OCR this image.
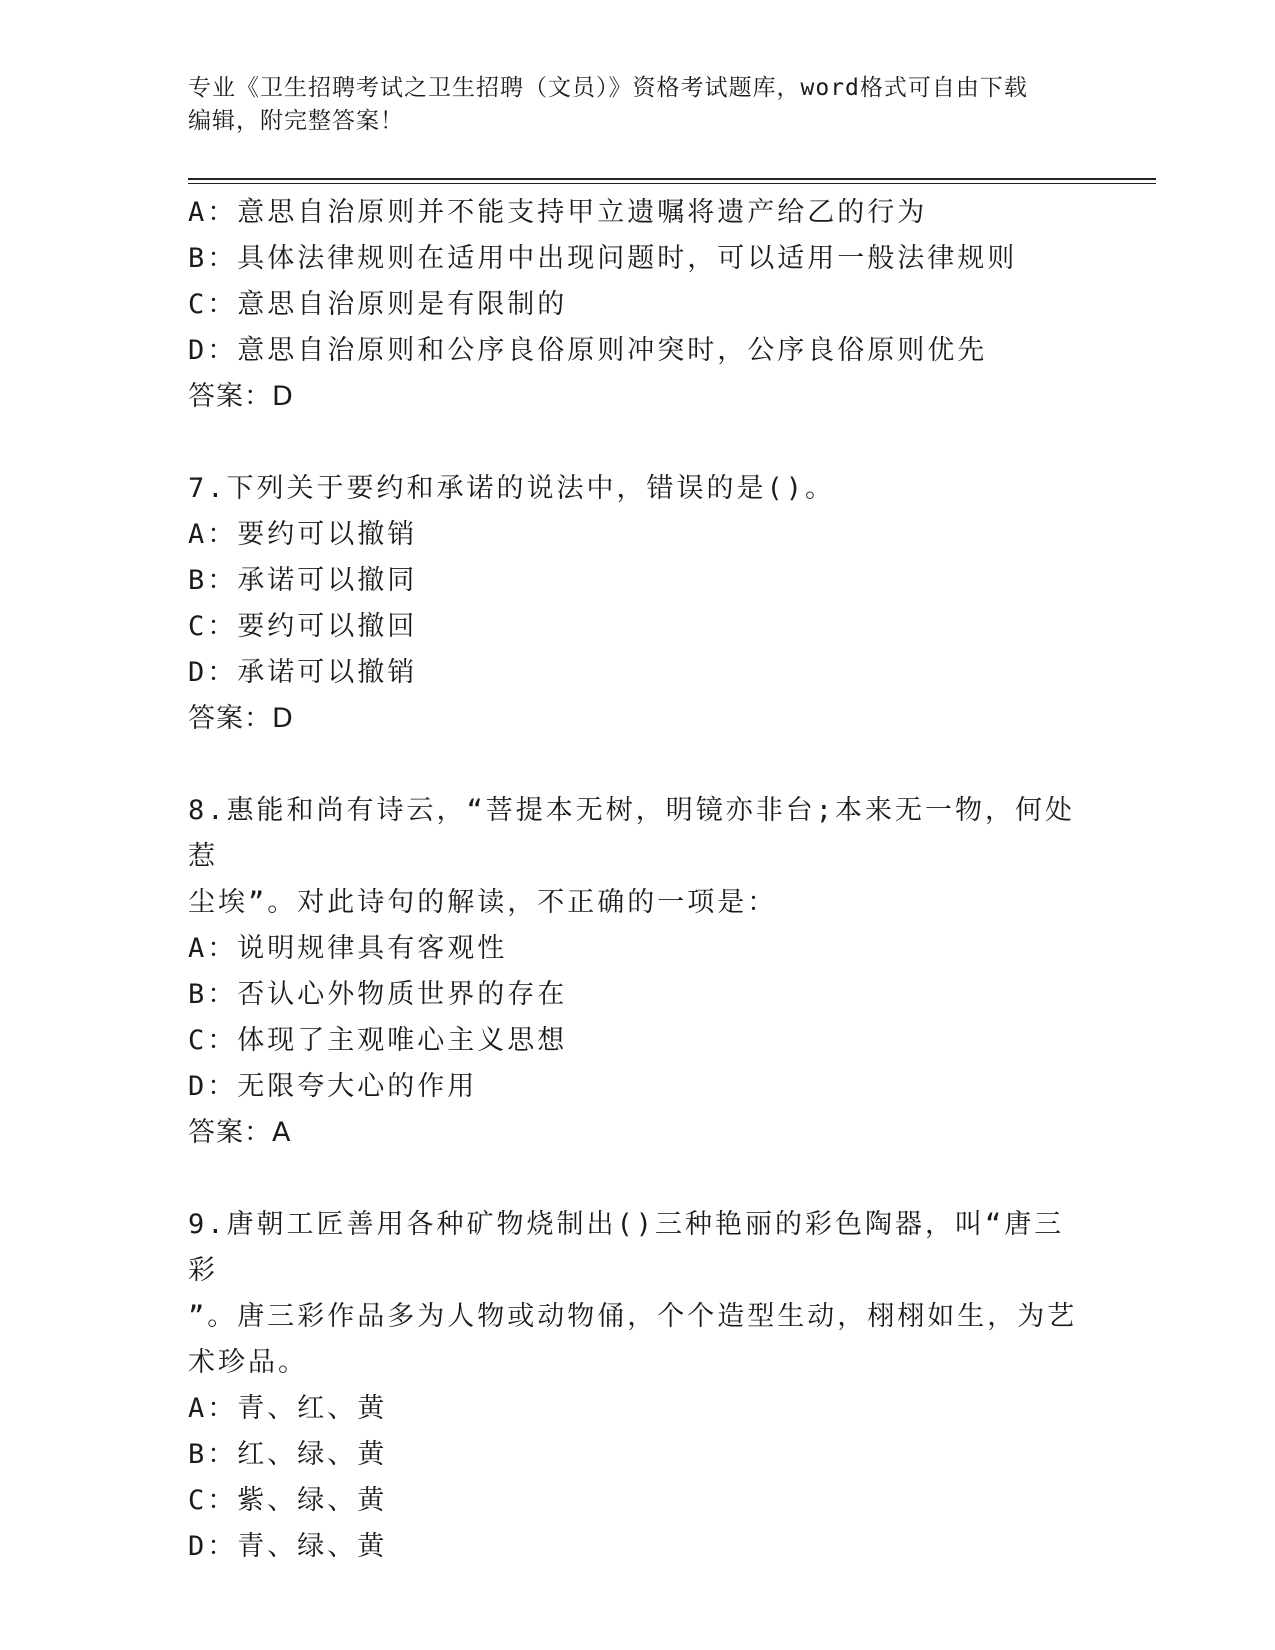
专业《卫生招聘考试之卫生招聘（文员）》资格考试题库，word格式可自由下载
编辑，附完整答案！
A：意思自治原则并不能支持甲立遗嘱将遗产给乙的行为
B：具体法律规则在适用中出现问题时，可以适用一般法律规则
C：意思自治原则是有限制的
D：意思自治原则和公序良俗原则冲突时，公序良俗原则优先
答案：D
7.下列关于要约和承诺的说法中，错误的是()。
A：要约可以撤销
B：承诺可以撤同
C：要约可以撤回
D：承诺可以撤销
答案：D
8.惠能和尚有诗云，“菩提本无树，明镜亦非台;本来无一物，何处惹
尘埃”。对此诗句的解读，不正确的一项是：
A：说明规律具有客观性
B：否认心外物质世界的存在
C：体现了主观唯心主义思想
D：无限夸大心的作用
答案：A
9.唐朝工匠善用各种矿物烧制出()三种艳丽的彩色陶器，叫“唐三彩
”。唐三彩作品多为人物或动物俑，个个造型生动，栩栩如生，为艺
术珍品。
A：青、红、黄
B：红、绿、黄
C：紫、绿、黄
D：青、绿、黄
